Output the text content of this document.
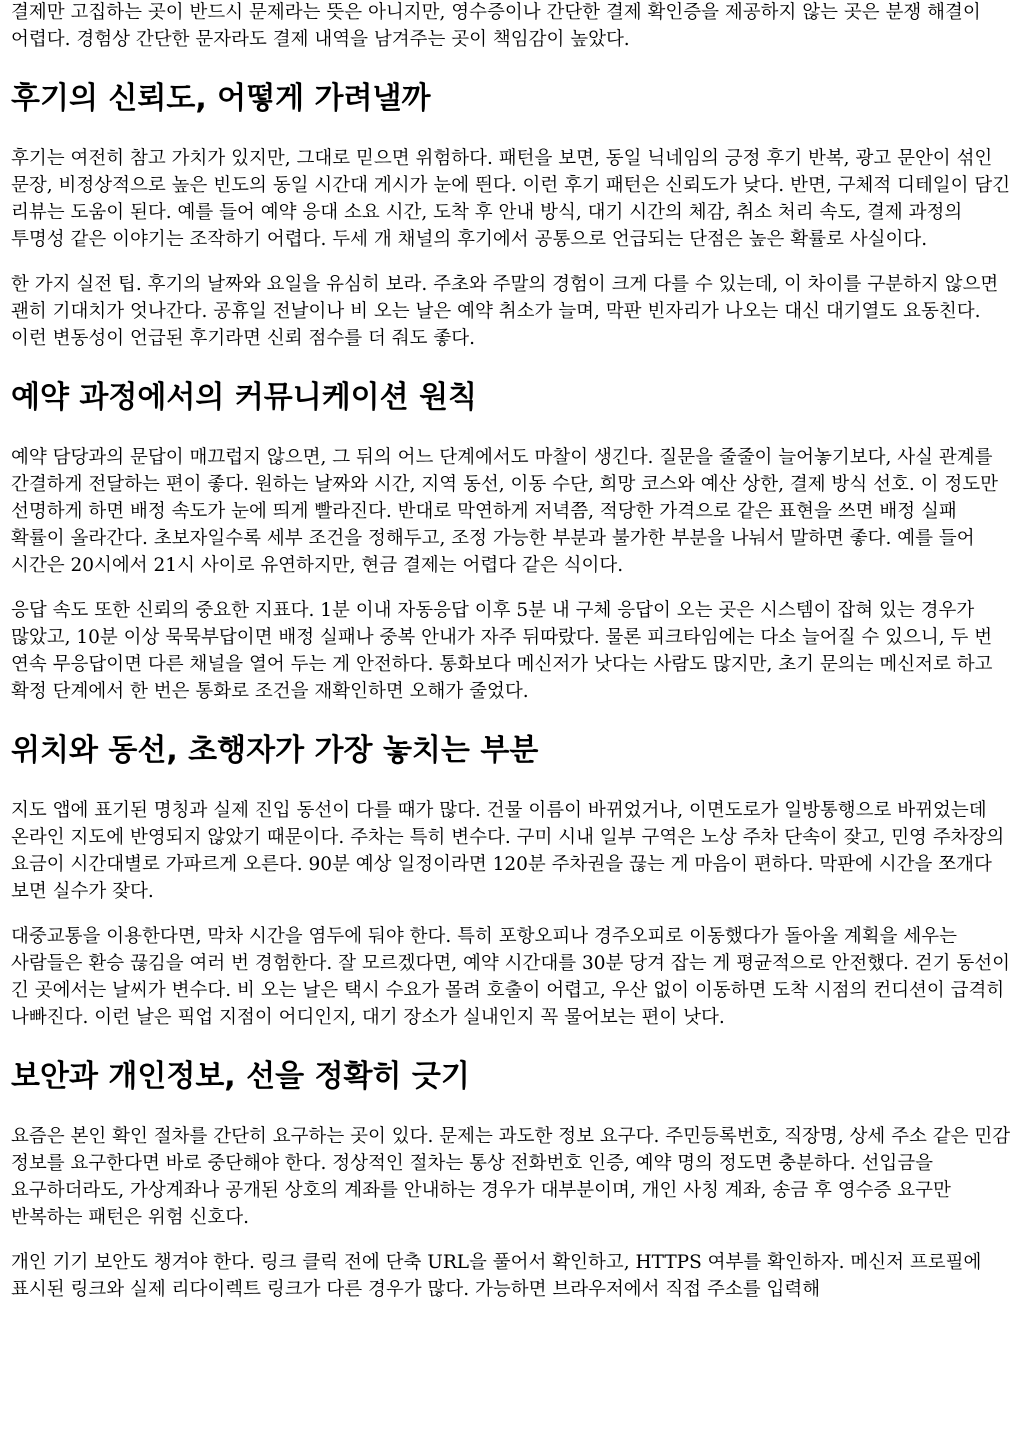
결제만 고집하는 곳이 반드시 문제라는 뜻은 아니지만, 영수증이나 간단한 결제 확인증을 제공하지 않는 곳은 분쟁 해결이 어렵다. 경험상 간단한 문자라도 결제 내역을 남겨주는 곳이 책임감이 높았다.

후기의 신뢰도, 어떻게 가려낼까

후기는 여전히 참고 가치가 있지만, 그대로 믿으면 위험하다. 패턴을 보면, 동일 닉네임의 긍정 후기 반복, 광고 문안이 섞인 문장, 비정상적으로 높은 빈도의 동일 시간대 게시가 눈에 띈다. 이런 후기 패턴은 신뢰도가 낮다. 반면, 구체적 디테일이 담긴 리뷰는 도움이 된다. 예를 들어 예약 응대 소요 시간, 도착 후 안내 방식, 대기 시간의 체감, 취소 처리 속도, 결제 과정의 투명성 같은 이야기는 조작하기 어렵다. 두세 개 채널의 후기에서 공통으로 언급되는 단점은 높은 확률로 사실이다.

한 가지 실전 팁. 후기의 날짜와 요일을 유심히 보라. 주초와 주말의 경험이 크게 다를 수 있는데, 이 차이를 구분하지 않으면 괜히 기대치가 엇나간다. 공휴일 전날이나 비 오는 날은 예약 취소가 늘며, 막판 빈자리가 나오는 대신 대기열도 요동친다. 이런 변동성이 언급된 후기라면 신뢰 점수를 더 줘도 좋다.

예약 과정에서의 커뮤니케이션 원칙

예약 담당과의 문답이 매끄럽지 않으면, 그 뒤의 어느 단계에서도 마찰이 생긴다. 질문을 줄줄이 늘어놓기보다, 사실 관계를 간결하게 전달하는 편이 좋다. 원하는 날짜와 시간, 지역 동선, 이동 수단, 희망 코스와 예산 상한, 결제 방식 선호. 이 정도만 선명하게 하면 배정 속도가 눈에 띄게 빨라진다. 반대로 막연하게 저녁쯤, 적당한 가격으로 같은 표현을 쓰면 배정 실패 확률이 올라간다. 초보자일수록 세부 조건을 정해두고, 조정 가능한 부분과 불가한 부분을 나눠서 말하면 좋다. 예를 들어 시간은 20시에서 21시 사이로 유연하지만, 현금 결제는 어렵다 같은 식이다.

응답 속도 또한 신뢰의 중요한 지표다. 1분 이내 자동응답 이후 5분 내 구체 응답이 오는 곳은 시스템이 잡혀 있는 경우가 많았고, 10분 이상 묵묵부답이면 배정 실패나 중복 안내가 자주 뒤따랐다. 물론 피크타임에는 다소 늘어질 수 있으니, 두 번 연속 무응답이면 다른 채널을 열어 두는 게 안전하다. 통화보다 메신저가 낫다는 사람도 많지만, 초기 문의는 메신저로 하고 확정 단계에서 한 번은 통화로 조건을 재확인하면 오해가 줄었다.

위치와 동선, 초행자가 가장 놓치는 부분

지도 앱에 표기된 명칭과 실제 진입 동선이 다를 때가 많다. 건물 이름이 바뀌었거나, 이면도로가 일방통행으로 바뀌었는데 온라인 지도에 반영되지 않았기 때문이다. 주차는 특히 변수다. 구미 시내 일부 구역은 노상 주차 단속이 잦고, 민영 주차장의 요금이 시간대별로 가파르게 오른다. 90분 예상 일정이라면 120분 주차권을 끊는 게 마음이 편하다. 막판에 시간을 쪼개다 보면 실수가 잦다.

대중교통을 이용한다면, 막차 시간을 염두에 둬야 한다. 특히 포항오피나 경주오피로 이동했다가 돌아올 계획을 세우는 사람들은 환승 끊김을 여러 번 경험한다. 잘 모르겠다면, 예약 시간대를 30분 당겨 잡는 게 평균적으로 안전했다. 걷기 동선이 긴 곳에서는 날씨가 변수다. 비 오는 날은 택시 수요가 몰려 호출이 어렵고, 우산 없이 이동하면 도착 시점의 컨디션이 급격히 나빠진다. 이런 날은 픽업 지점이 어디인지, 대기 장소가 실내인지 꼭 물어보는 편이 낫다.

보안과 개인정보, 선을 정확히 긋기

요즘은 본인 확인 절차를 간단히 요구하는 곳이 있다. 문제는 과도한 정보 요구다. 주민등록번호, 직장명, 상세 주소 같은 민감 정보를 요구한다면 바로 중단해야 한다. 정상적인 절차는 통상 전화번호 인증, 예약 명의 정도면 충분하다. 선입금을 요구하더라도, 가상계좌나 공개된 상호의 계좌를 안내하는 경우가 대부분이며, 개인 사칭 계좌, 송금 후 영수증 요구만 반복하는 패턴은 위험 신호다.

개인 기기 보안도 챙겨야 한다. 링크 클릭 전에 단축 URL을 풀어서 확인하고, HTTPS 여부를 확인하자. 메신저 프로필에 표시된 링크와 실제 리다이렉트 링크가 다른 경우가 많다. 가능하면 브라우저에서 직접 주소를 입력해
